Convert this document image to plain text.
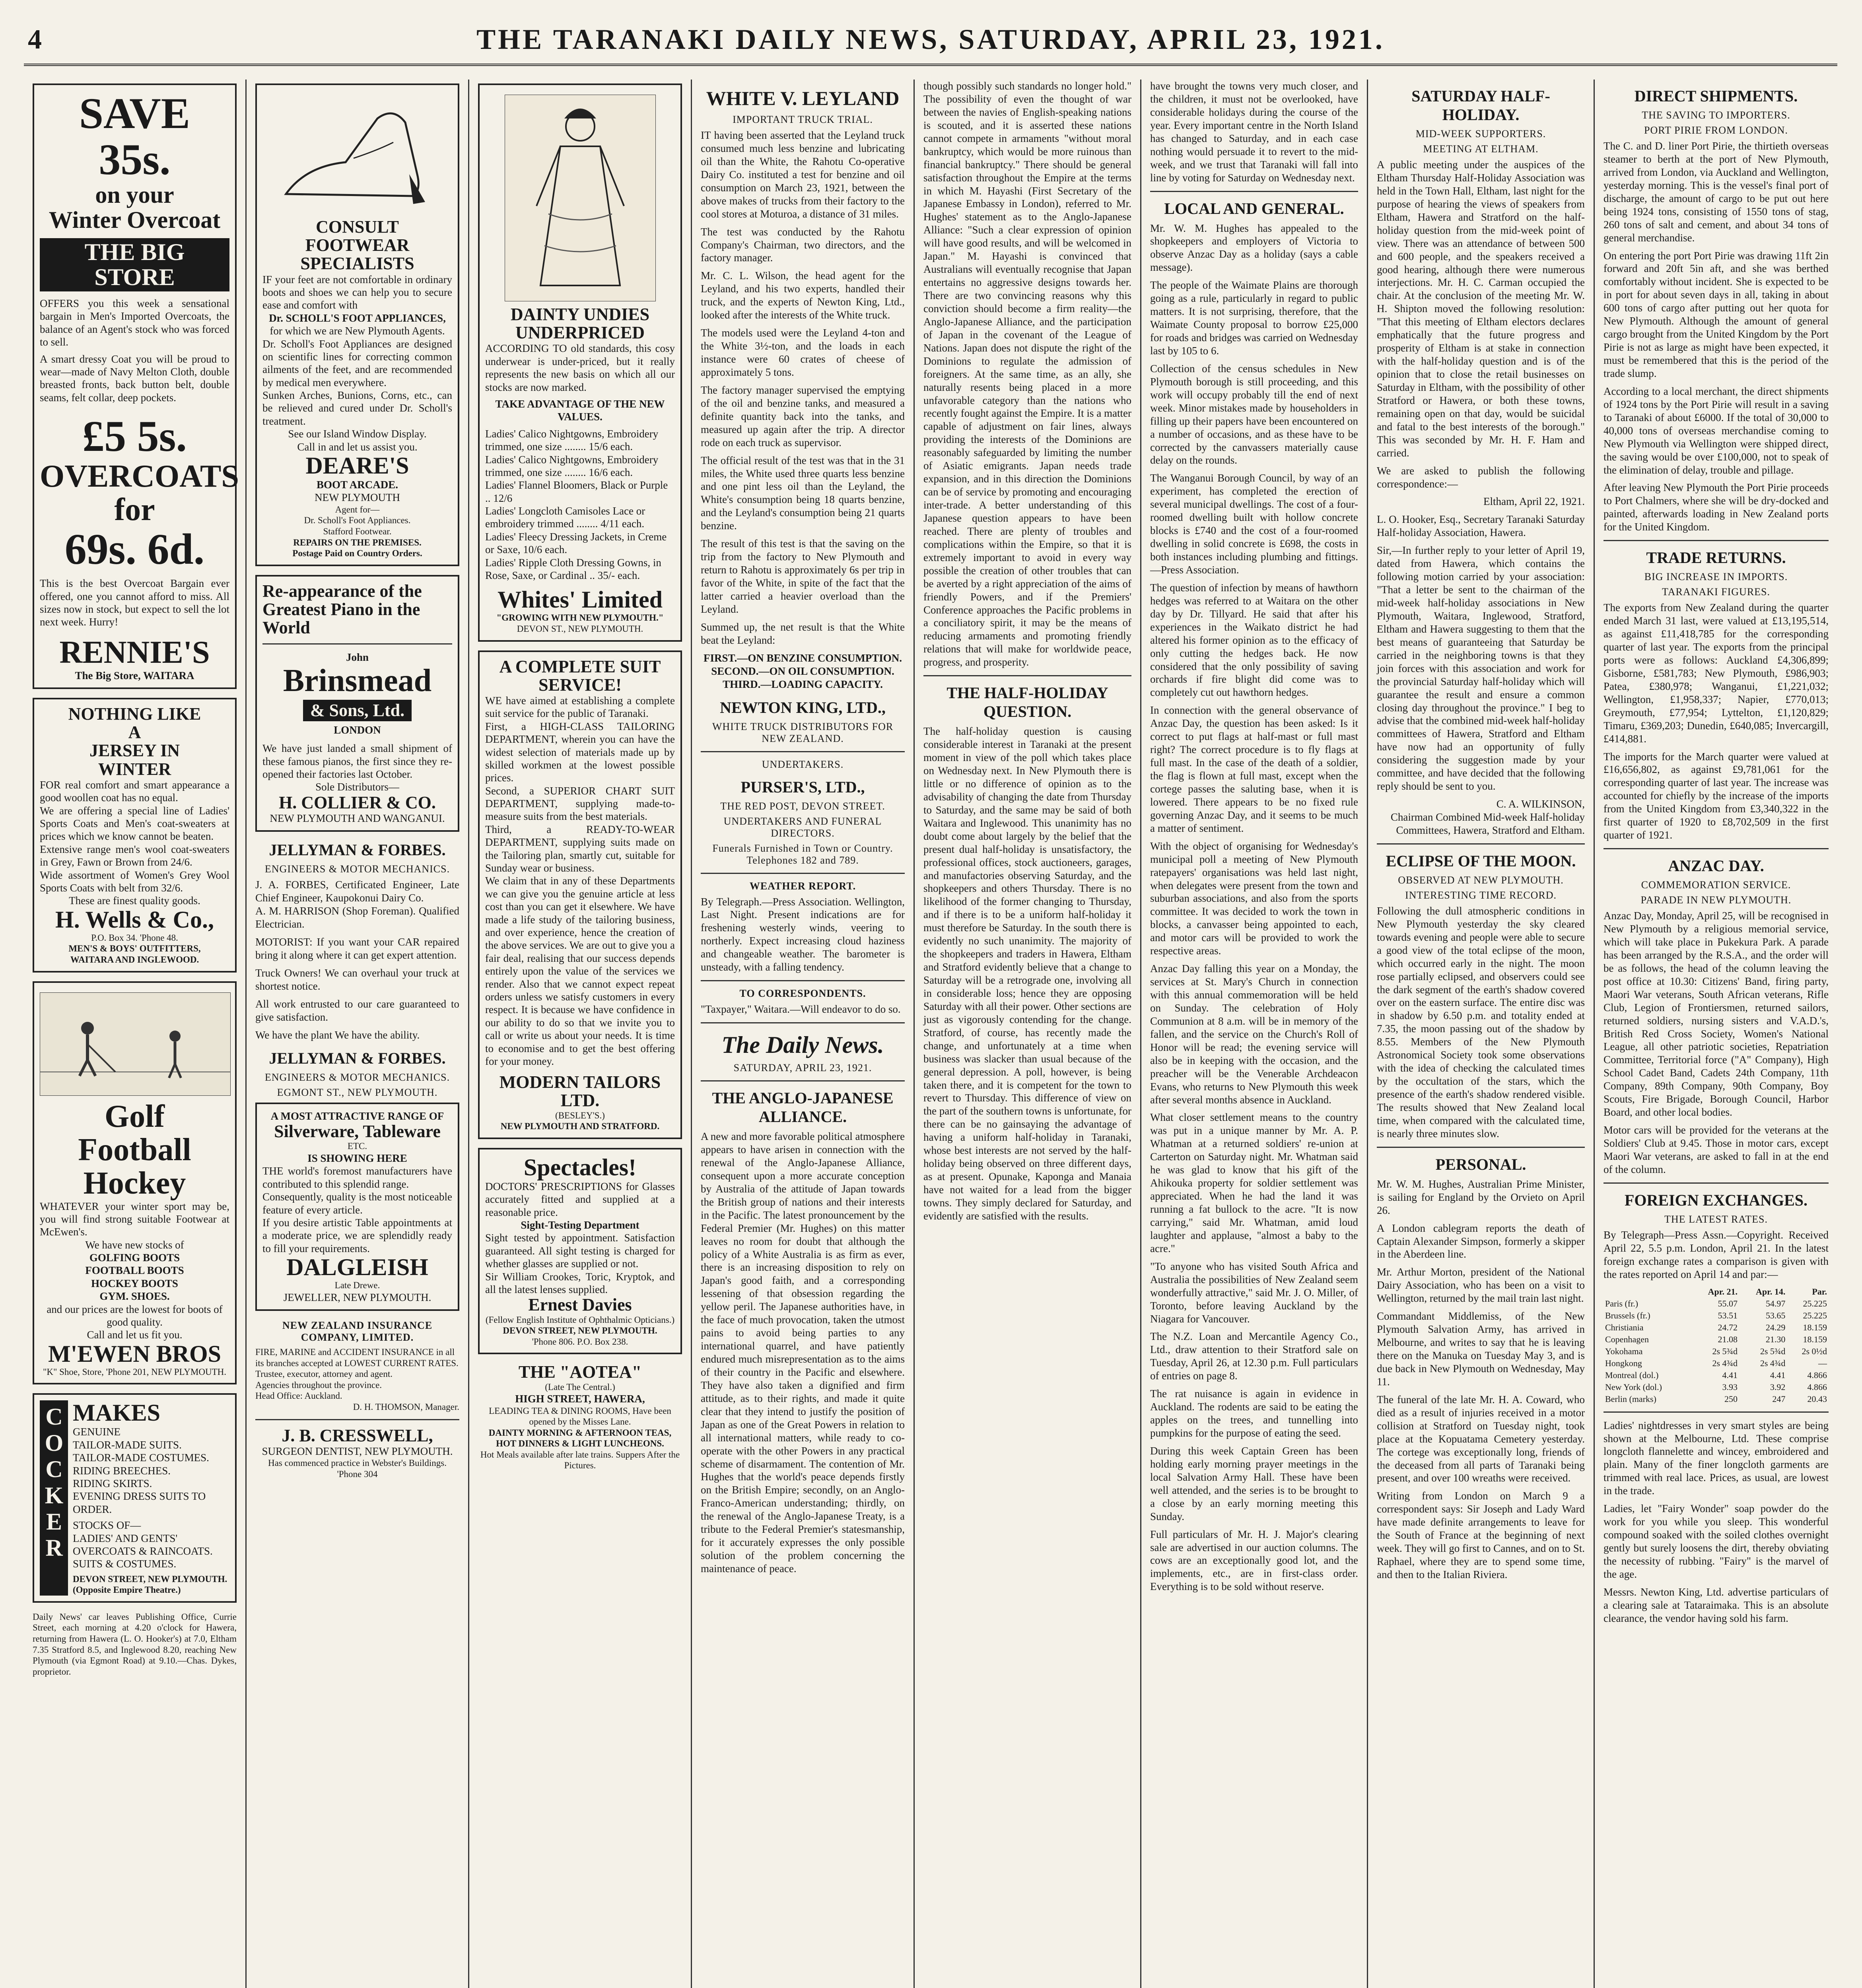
4	THE TARANAKI DAILY NEWS, SATURDAY, APRIL 23, 1921.
SAVE 35s.
on your
Winter Overcoat
THE BIG STORE
OFFERS you this week a sensational bargain in Men's Imported Overcoats, the balance of an Agent's stock who was forced to sell.
A smart dressy Coat you will be proud to wear—made of Navy Melton Cloth, double breasted fronts, back button belt, double seams, felt collar, deep pockets.
£5 5s.
OVERCOATS
for
69s. 6d.
This is the best Overcoat Bargain ever offered, one you cannot afford to miss. All sizes now in stock, but expect to sell the lot next week. Hurry!
RENNIE'S
The Big Store, WAITARA
NOTHING LIKE
A
JERSEY IN
WINTER
FOR real comfort and smart appearance a good woollen coat has no equal.
We are offering a special line of Ladies' Sports Coats and Men's coat-sweaters at prices which we know cannot be beaten.
Extensive range men's wool coat-sweaters in Grey, Fawn or Brown from 24/6.
Wide assortment of Women's Grey Wool Sports Coats with belt from 32/6.
These are finest quality goods.
H. Wells & Co.,
P.O. Box 34. 'Phone 48.
MEN'S & BOYS' OUTFITTERS,
WAITARA AND INGLEWOOD.
Golf
Football
Hockey
WHATEVER your winter sport may be, you will find strong suitable Footwear at McEwen's.
We have new stocks of
GOLFING BOOTS
FOOTBALL BOOTS
HOCKEY BOOTS
GYM. SHOES.
and our prices are the lowest for boots of good quality.
Call and let us fit you.
M'EWEN BROS
"K" Shoe, Store, 'Phone 201, NEW PLYMOUTH.
COCKER MAKES
GENUINE
TAILOR-MADE SUITS.
TAILOR-MADE COSTUMES.
RIDING BREECHES.
RIDING SKIRTS.
EVENING DRESS SUITS TO ORDER.
STOCKS OF—
LADIES' AND GENTS' OVERCOATS & RAINCOATS.
SUITS & COSTUMES.
DEVON STREET, NEW PLYMOUTH. (Opposite Empire Theatre.)
Daily News' car leaves Publishing Office, Currie Street, each morning at 4.20 o'clock for Hawera, returning from Hawera (L. O. Hooker's) at 7.0, Eltham 7.35 Stratford 8.5, and Inglewood 8.20, reaching New Plymouth (via Egmont Road) at 9.10.—Chas. Dykes, proprietor.
CONSULT FOOTWEAR SPECIALISTS
IF your feet are not comfortable in ordinary boots and shoes we can help you to secure ease and comfort with
Dr. SCHOLL'S FOOT APPLIANCES,
for which we are New Plymouth Agents.
Dr. Scholl's Foot Appliances are designed on scientific lines for correcting common ailments of the feet, and are recommended by medical men everywhere.
Sunken Arches, Bunions, Corns, etc., can be relieved and cured under Dr. Scholl's treatment.
See our Island Window Display.
Call in and let us assist you.
DEARE'S
BOOT ARCADE.
NEW PLYMOUTH
Agent for—
Dr. Scholl's Foot Appliances.
Stafford Footwear.
REPAIRS ON THE PREMISES.
Postage Paid on Country Orders.
Re-appearance of the Greatest Piano in the World
John
Brinsmead
& Sons, Ltd.
LONDON
We have just landed a small shipment of these famous pianos, the first since they re-opened their factories last October.
Sole Distributors—
H. COLLIER & CO.
NEW PLYMOUTH AND WANGANUI.
JELLYMAN & FORBES.
ENGINEERS & MOTOR MECHANICS.
J. A. FORBES, Certificated Engineer, Late Chief Engineer, Kaupokonui Dairy Co.
A. M. HARRISON (Shop Foreman). Qualified Electrician.
MOTORIST: If you want your CAR repaired bring it along where it can get expert attention.
Truck Owners! We can overhaul your truck at shortest notice.
All work entrusted to our care guaranteed to give satisfaction.
We have the plant We have the ability.
JELLYMAN & FORBES.
ENGINEERS & MOTOR MECHANICS.
EGMONT ST., NEW PLYMOUTH.
A MOST ATTRACTIVE RANGE OF
Silverware, Tableware
ETC.
IS SHOWING HERE
THE world's foremost manufacturers have contributed to this splendid range.
Consequently, quality is the most noticeable feature of every article.
If you desire artistic Table appointments at a moderate price, we are splendidly ready to fill your requirements.
DALGLEISH
Late Drewe.
JEWELLER, NEW PLYMOUTH.
NEW ZEALAND INSURANCE COMPANY, LIMITED.
FIRE, MARINE and ACCIDENT INSURANCE in all its branches accepted at LOWEST CURRENT RATES.
Trustee, executor, attorney and agent.
Agencies throughout the province.
Head Office: Auckland.
D. H. THOMSON, Manager.
J. B. CRESSWELL,
SURGEON DENTIST, NEW PLYMOUTH.
Has commenced practice in Webster's Buildings. 'Phone 304
DAINTY UNDIES UNDERPRICED
ACCORDING TO old standards, this cosy underwear is under-priced, but it really represents the new basis on which all our stocks are now marked.
TAKE ADVANTAGE OF THE NEW VALUES.
Ladies' Calico Nightgowns, Embroidery trimmed, one size ........ 15/6 each.
Ladies' Calico Nightgowns, Embroidery trimmed, one size ........ 16/6 each.
Ladies' Flannel Bloomers, Black or Purple .. 12/6
Ladies' Longcloth Camisoles Lace or embroidery trimmed ........ 4/11 each.
Ladies' Fleecy Dressing Jackets, in Creme or Saxe, 10/6 each.
Ladies' Ripple Cloth Dressing Gowns, in Rose, Saxe, or Cardinal .. 35/- each.
Whites' Limited
"GROWING WITH NEW PLYMOUTH."
DEVON ST., NEW PLYMOUTH.
A COMPLETE SUIT SERVICE!
WE have aimed at establishing a complete suit service for the public of Taranaki.
First, a HIGH-CLASS TAILORING DEPARTMENT, wherein you can have the widest selection of materials made up by skilled workmen at the lowest possible prices.
Second, a SUPERIOR CHART SUIT DEPARTMENT, supplying made-to-measure suits from the best materials.
Third, a READY-TO-WEAR DEPARTMENT, supplying suits made on the Tailoring plan, smartly cut, suitable for Sunday wear or business.
We claim that in any of these Departments we can give you the genuine article at less cost than you can get it elsewhere. We have made a life study of the tailoring business, and over experience, hence the creation of the above services. We are out to give you a fair deal, realising that our success depends entirely upon the value of the services we render. Also that we cannot expect repeat orders unless we satisfy customers in every respect. It is because we have confidence in our ability to do so that we invite you to call or write us about your needs. It is time to economise and to get the best offering for your money.
MODERN TAILORS LTD.
(BESLEY'S.)
NEW PLYMOUTH AND STRATFORD.
Spectacles!
DOCTORS' PRESCRIPTIONS for Glasses accurately fitted and supplied at a reasonable price.
Sight-Testing Department
Sight tested by appointment. Satisfaction guaranteed. All sight testing is charged for whether glasses are supplied or not.
Sir William Crookes, Toric, Kryptok, and all the latest lenses supplied.
Ernest Davies
(Fellow English Institute of Ophthalmic Opticians.)
DEVON STREET, NEW PLYMOUTH.
'Phone 806. P.O. Box 238.
THE "AOTEA"
(Late The Central.)
HIGH STREET, HAWERA,
LEADING TEA & DINING ROOMS, Have been opened by the Misses Lane.
DAINTY MORNING & AFTERNOON TEAS, HOT DINNERS & LIGHT LUNCHEONS.
Hot Meals available after late trains. Suppers After the Pictures.
WHITE V. LEYLAND
IMPORTANT TRUCK TRIAL.
IT having been asserted that the Leyland truck consumed much less benzine and lubricating oil than the White, the Rahotu Co-operative Dairy Co. instituted a test for benzine and oil consumption on March 23, 1921, between the above makes of trucks from their factory to the cool stores at Moturoa, a distance of 31 miles.
The test was conducted by the Rahotu Company's Chairman, two directors, and the factory manager.
Mr. C. L. Wilson, the head agent for the Leyland, and his two experts, handled their truck, and the experts of Newton King, Ltd., looked after the interests of the White truck.
The models used were the Leyland 4-ton and the White 3½-ton, and the loads in each instance were 60 crates of cheese of approximately 5 tons.
The factory manager supervised the emptying of the oil and benzine tanks, and measured a definite quantity back into the tanks, and measured up again after the trip. A director rode on each truck as supervisor.
The official result of the test was that in the 31 miles, the White used three quarts less benzine and one pint less oil than the Leyland, the White's consumption being 18 quarts benzine, and the Leyland's consumption being 21 quarts benzine.
The result of this test is that the saving on the trip from the factory to New Plymouth and return to Rahotu is approximately 6s per trip in favor of the White, in spite of the fact that the latter carried a heavier overload than the Leyland.
Summed up, the net result is that the White beat the Leyland:
FIRST.—ON BENZINE CONSUMPTION.
SECOND.—ON OIL CONSUMPTION.
THIRD.—LOADING CAPACITY.
NEWTON KING, LTD.,
WHITE TRUCK DISTRIBUTORS FOR NEW ZEALAND.
UNDERTAKERS.
PURSER'S, LTD.,
THE RED POST, DEVON STREET.
UNDERTAKERS AND FUNERAL DIRECTORS.
Funerals Furnished in Town or Country. Telephones 182 and 789.
WEATHER REPORT.
By Telegraph.—Press Association. Wellington, Last Night. Present indications are for freshening westerly winds, veering to northerly. Expect increasing cloud haziness and changeable weather. The barometer is unsteady, with a falling tendency.
TO CORRESPONDENTS.
"Taxpayer," Waitara.—Will endeavor to do so.
The Daily News.
SATURDAY, APRIL 23, 1921.
THE ANGLO-JAPANESE ALLIANCE.
A new and more favorable political atmosphere appears to have arisen in connection with the renewal of the Anglo-Japanese Alliance, consequent upon a more accurate conception by Australia of the attitude of Japan towards the British group of nations and their interests in the Pacific. The latest pronouncement by the Federal Premier (Mr. Hughes) on this matter leaves no room for doubt that although the policy of a White Australia is as firm as ever, there is an increasing disposition to rely on Japan's good faith, and a corresponding lessening of that obsession regarding the yellow peril. The Japanese authorities have, in the face of much provocation, taken the utmost pains to avoid being parties to any international quarrel, and have patiently endured much misrepresentation as to the aims of their country in the Pacific and elsewhere. They have also taken a dignified and firm attitude, as to their rights, and made it quite clear that they intend to justify the position of Japan as one of the Great Powers in relation to all international matters, while ready to co-operate with the other Powers in any practical scheme of disarmament. The contention of Mr. Hughes that the world's peace depends firstly on the British Empire; secondly, on an Anglo-Franco-American understanding; thirdly, on the renewal of the Anglo-Japanese Treaty, is a tribute to the Federal Premier's statesmanship, for it accurately expresses the only possible solution of the problem concerning the maintenance of peace.
though possibly such standards no longer hold." The possibility of even the thought of war between the navies of English-speaking nations is scouted, and it is asserted these nations cannot compete in armaments "without moral bankruptcy, which would be more ruinous than financial bankruptcy." There should be general satisfaction throughout the Empire at the terms in which M. Hayashi (First Secretary of the Japanese Embassy in London), referred to Mr. Hughes' statement as to the Anglo-Japanese Alliance: "Such a clear expression of opinion will have good results, and will be welcomed in Japan." M. Hayashi is convinced that Australians will eventually recognise that Japan entertains no aggressive designs towards her. There are two convincing reasons why this conviction should become a firm reality—the Anglo-Japanese Alliance, and the participation of Japan in the covenant of the League of Nations. Japan does not dispute the right of the Dominions to regulate the admission of foreigners. At the same time, as an ally, she naturally resents being placed in a more unfavorable category than the nations who recently fought against the Empire. It is a matter capable of adjustment on fair lines, always providing the interests of the Dominions are reasonably safeguarded by limiting the number of Asiatic emigrants. Japan needs trade expansion, and in this direction the Dominions can be of service by promoting and encouraging inter-trade. A better understanding of this Japanese question appears to have been reached. There are plenty of troubles and complications within the Empire, so that it is extremely important to avoid in every way possible the creation of other troubles that can be averted by a right appreciation of the aims of friendly Powers, and if the Premiers' Conference approaches the Pacific problems in a conciliatory spirit, it may be the means of reducing armaments and promoting friendly relations that will make for worldwide peace, progress, and prosperity.
THE HALF-HOLIDAY QUESTION.
The half-holiday question is causing considerable interest in Taranaki at the present moment in view of the poll which takes place on Wednesday next. In New Plymouth there is little or no difference of opinion as to the advisability of changing the date from Thursday to Saturday, and the same may be said of both Waitara and Inglewood. This unanimity has no doubt come about largely by the belief that the present dual half-holiday is unsatisfactory, the professional offices, stock auctioneers, garages, and manufactories observing Saturday, and the shopkeepers and others Thursday. There is no likelihood of the former changing to Thursday, and if there is to be a uniform half-holiday it must therefore be Saturday. In the south there is evidently no such unanimity. The majority of the shopkeepers and traders in Hawera, Eltham and Stratford evidently believe that a change to Saturday will be a retrograde one, involving all in considerable loss; hence they are opposing Saturday with all their power. Other sections are just as vigorously contending for the change. Stratford, of course, has recently made the change, and unfortunately at a time when business was slacker than usual because of the general depression. A poll, however, is being taken there, and it is competent for the town to revert to Thursday. This difference of view on the part of the southern towns is unfortunate, for there can be no gainsaying the advantage of having a uniform half-holiday in Taranaki, whose best interests are not served by the half-holiday being observed on three different days, as at present. Opunake, Kaponga and Manaia have not waited for a lead from the bigger towns. They simply declared for Saturday, and evidently are satisfied with the results.
have brought the towns very much closer, and the children, it must not be overlooked, have considerable holidays during the course of the year. Every important centre in the North Island has changed to Saturday, and in each case nothing would persuade it to revert to the mid-week, and we trust that Taranaki will fall into line by voting for Saturday on Wednesday next.
LOCAL AND GENERAL.
Mr. W. M. Hughes has appealed to the shopkeepers and employers of Victoria to observe Anzac Day as a holiday (says a cable message).
The people of the Waimate Plains are thorough going as a rule, particularly in regard to public matters. It is not surprising, therefore, that the Waimate County proposal to borrow £25,000 for roads and bridges was carried on Wednesday last by 105 to 6.
Collection of the census schedules in New Plymouth borough is still proceeding, and this work will occupy probably till the end of next week. Minor mistakes made by householders in filling up their papers have been encountered on a number of occasions, and as these have to be corrected by the canvassers materially cause delay on the rounds.
The Wanganui Borough Council, by way of an experiment, has completed the erection of several municipal dwellings. The cost of a four-roomed dwelling built with hollow concrete blocks is £740 and the cost of a four-roomed dwelling in solid concrete is £698, the costs in both instances including plumbing and fittings.—Press Association.
The question of infection by means of hawthorn hedges was referred to at Waitara on the other day by Dr. Tillyard. He said that after his experiences in the Waikato district he had altered his former opinion as to the efficacy of only cutting the hedges back. He now considered that the only possibility of saving orchards if fire blight did come was to completely cut out hawthorn hedges.
In connection with the general observance of Anzac Day, the question has been asked: Is it correct to put flags at half-mast or full mast right? The correct procedure is to fly flags at full mast. In the case of the death of a soldier, the flag is flown at full mast, except when the cortege passes the saluting base, when it is lowered. There appears to be no fixed rule governing Anzac Day, and it seems to be much a matter of sentiment.
With the object of organising for Wednesday's municipal poll a meeting of New Plymouth ratepayers' organisations was held last night, when delegates were present from the town and suburban associations, and also from the sports committee. It was decided to work the town in blocks, a canvasser being appointed to each, and motor cars will be provided to work the respective areas.
Anzac Day falling this year on a Monday, the services at St. Mary's Church in connection with this annual commemoration will be held on Sunday. The celebration of Holy Communion at 8 a.m. will be in memory of the fallen, and the service on the Church's Roll of Honor will be read; the evening service will also be in keeping with the occasion, and the preacher will be the Venerable Archdeacon Evans, who returns to New Plymouth this week after several months absence in Auckland.
What closer settlement means to the country was put in a unique manner by Mr. A. P. Whatman at a returned soldiers' re-union at Carterton on Saturday night. Mr. Whatman said he was glad to know that his gift of the Ahikouka property for soldier settlement was appreciated. When he had the land it was running a fat bullock to the acre. "It is now carrying," said Mr. Whatman, amid loud laughter and applause, "almost a baby to the acre."
"To anyone who has visited South Africa and Australia the possibilities of New Zealand seem wonderfully attractive," said Mr. J. O. Miller, of Toronto, before leaving Auckland by the Niagara for Vancouver.
The N.Z. Loan and Mercantile Agency Co., Ltd., draw attention to their Stratford sale on Tuesday, April 26, at 12.30 p.m. Full particulars of entries on page 8.
The rat nuisance is again in evidence in Auckland. The rodents are said to be eating the apples on the trees, and tunnelling into pumpkins for the purpose of eating the seed.
During this week Captain Green has been holding early morning prayer meetings in the local Salvation Army Hall. These have been well attended, and the series is to be brought to a close by an early morning meeting this Sunday.
Full particulars of Mr. H. J. Major's clearing sale are advertised in our auction columns. The cows are an exceptionally good lot, and the implements, etc., are in first-class order. Everything is to be sold without reserve.
SATURDAY HALF-HOLIDAY.
MID-WEEK SUPPORTERS.
MEETING AT ELTHAM.
A public meeting under the auspices of the Eltham Thursday Half-Holiday Association was held in the Town Hall, Eltham, last night for the purpose of hearing the views of speakers from Eltham, Hawera and Stratford on the half-holiday question from the mid-week point of view. There was an attendance of between 500 and 600 people, and the speakers received a good hearing, although there were numerous interjections. Mr. H. C. Carman occupied the chair. At the conclusion of the meeting Mr. W. H. Shipton moved the following resolution: "That this meeting of Eltham electors declares emphatically that the future progress and prosperity of Eltham is at stake in connection with the half-holiday question and is of the opinion that to close the retail businesses on Saturday in Eltham, with the possibility of other Stratford or Hawera, or both these towns, remaining open on that day, would be suicidal and fatal to the best interests of the borough." This was seconded by Mr. H. F. Ham and carried.
We are asked to publish the following correspondence:—
Eltham, April 22, 1921.
L. O. Hooker, Esq., Secretary Taranaki Saturday Half-holiday Association, Hawera.
Sir,—In further reply to your letter of April 19, dated from Hawera, which contains the following motion carried by your association: "That a letter be sent to the chairman of the mid-week half-holiday associations in New Plymouth, Waitara, Inglewood, Stratford, Eltham and Hawera suggesting to them that the best means of guaranteeing that Saturday be carried in the neighboring towns is that they join forces with this association and work for the provincial Saturday half-holiday which will guarantee the result and ensure a common closing day throughout the province." I beg to advise that the combined mid-week half-holiday committees of Hawera, Stratford and Eltham have now had an opportunity of fully considering the suggestion made by your committee, and have decided that the following reply should be sent to you.
C. A. WILKINSON,
Chairman Combined Mid-week Half-holiday Committees, Hawera, Stratford and Eltham.
ECLIPSE OF THE MOON.
OBSERVED AT NEW PLYMOUTH.
INTERESTING TIME RECORD.
Following the dull atmospheric conditions in New Plymouth yesterday the sky cleared towards evening and people were able to secure a good view of the total eclipse of the moon, which occurred early in the night. The moon rose partially eclipsed, and observers could see the dark segment of the earth's shadow covered over on the eastern surface. The entire disc was in shadow by 6.50 p.m. and totality ended at 7.35, the moon passing out of the shadow by 8.55. Members of the New Plymouth Astronomical Society took some observations with the idea of checking the calculated times by the occultation of the stars, which the presence of the earth's shadow rendered visible. The results showed that New Zealand local time, when compared with the calculated time, is nearly three minutes slow.
PERSONAL.
Mr. W. M. Hughes, Australian Prime Minister, is sailing for England by the Orvieto on April 26.
A London cablegram reports the death of Captain Alexander Simpson, formerly a skipper in the Aberdeen line.
Mr. Arthur Morton, president of the National Dairy Association, who has been on a visit to Wellington, returned by the mail train last night.
Commandant Middlemiss, of the New Plymouth Salvation Army, has arrived in Melbourne, and writes to say that he is leaving there on the Manuka on Tuesday May 3, and is due back in New Plymouth on Wednesday, May 11.
The funeral of the late Mr. H. A. Coward, who died as a result of injuries received in a motor collision at Stratford on Tuesday night, took place at the Kopuatama Cemetery yesterday. The cortege was exceptionally long, friends of the deceased from all parts of Taranaki being present, and over 100 wreaths were received.
Writing from London on March 9 a correspondent says: Sir Joseph and Lady Ward have made definite arrangements to leave for the South of France at the beginning of next week. They will go first to Cannes, and on to St. Raphael, where they are to spend some time, and then to the Italian Riviera.
DIRECT SHIPMENTS.
THE SAVING TO IMPORTERS.
PORT PIRIE FROM LONDON.
The C. and D. liner Port Pirie, the thirtieth overseas steamer to berth at the port of New Plymouth, arrived from London, via Auckland and Wellington, yesterday morning. This is the vessel's final port of discharge, the amount of cargo to be put out here being 1924 tons, consisting of 1550 tons of stag, 260 tons of salt and cement, and about 34 tons of general merchandise.
On entering the port Port Pirie was drawing 11ft 2in forward and 20ft 5in aft, and she was berthed comfortably without incident. She is expected to be in port for about seven days in all, taking in about 600 tons of cargo after putting out her quota for New Plymouth. Although the amount of general cargo brought from the United Kingdom by the Port Pirie is not as large as might have been expected, it must be remembered that this is the period of the trade slump.
According to a local merchant, the direct shipments of 1924 tons by the Port Pirie will result in a saving to Taranaki of about £6000. If the total of 30,000 to 40,000 tons of overseas merchandise coming to New Plymouth via Wellington were shipped direct, the saving would be over £100,000, not to speak of the elimination of delay, trouble and pillage.
After leaving New Plymouth the Port Pirie proceeds to Port Chalmers, where she will be dry-docked and painted, afterwards loading in New Zealand ports for the United Kingdom.
TRADE RETURNS.
BIG INCREASE IN IMPORTS.
TARANAKI FIGURES.
The exports from New Zealand during the quarter ended March 31 last, were valued at £13,195,514, as against £11,418,785 for the corresponding quarter of last year. The exports from the principal ports were as follows: Auckland £4,306,899; Gisborne, £581,783; New Plymouth, £986,903; Patea, £380,978; Wanganui, £1,221,032; Wellington, £1,958,337; Napier, £770,013; Greymouth, £77,954; Lyttelton, £1,120,829; Timaru, £369,203; Dunedin, £640,085; Invercargill, £414,881.
The imports for the March quarter were valued at £16,656,802, as against £9,781,061 for the corresponding quarter of last year. The increase was accounted for chiefly by the increase of the imports from the United Kingdom from £3,340,322 in the first quarter of 1920 to £8,702,509 in the first quarter of 1921.
ANZAC DAY.
COMMEMORATION SERVICE.
PARADE IN NEW PLYMOUTH.
Anzac Day, Monday, April 25, will be recognised in New Plymouth by a religious memorial service, which will take place in Pukekura Park. A parade has been arranged by the R.S.A., and the order will be as follows, the head of the column leaving the post office at 10.30: Citizens' Band, firing party, Maori War veterans, South African veterans, Rifle Club, Legion of Frontiersmen, returned sailors, returned soldiers, nursing sisters and V.A.D.'s, British Red Cross Society, Women's National League, all other patriotic societies, Repatriation Committee, Territorial force ("A" Company), High School Cadet Band, Cadets 24th Company, 11th Company, 89th Company, 90th Company, Boy Scouts, Fire Brigade, Borough Council, Harbor Board, and other local bodies.
Motor cars will be provided for the veterans at the Soldiers' Club at 9.45. Those in motor cars, except Maori War veterans, are asked to fall in at the end of the column.
FOREIGN EXCHANGES.
THE LATEST RATES.
By Telegraph—Press Assn.—Copyright. Received April 22, 5.5 p.m. London, April 21. In the latest foreign exchange rates a comparison is given with the rates reported on April 14 and par:—
	Apr. 21.	Apr. 14.	Par.
Paris (fr.)	55.07	54.97	25.225
Brussels (fr.)	53.51	53.65	25.225
Christiania	24.72	24.29	18.159
Copenhagen	21.08	21.30	18.159
Yokohama	2s 5¾d	2s 5¾d	2s 0½d
Hongkong	2s 4¾d	2s 4¾d	—
Montreal (dol.)	4.41	4.41	4.866
New York (dol.)	3.93	3.92	4.866
Berlin (marks)	250	247	20.43
Ladies' nightdresses in very smart styles are being shown at the Melbourne, Ltd. These comprise longcloth flannelette and wincey, embroidered and plain. Many of the finer longcloth garments are trimmed with real lace. Prices, as usual, are lowest in the trade.
Ladies, let "Fairy Wonder" soap powder do the work for you while you sleep. This wonderful compound soaked with the soiled clothes overnight gently but surely loosens the dirt, thereby obviating the necessity of rubbing. "Fairy" is the marvel of the age.
Messrs. Newton King, Ltd. advertise particulars of a clearing sale at Tataraimaka. This is an absolute clearance, the vendor having sold his farm.
